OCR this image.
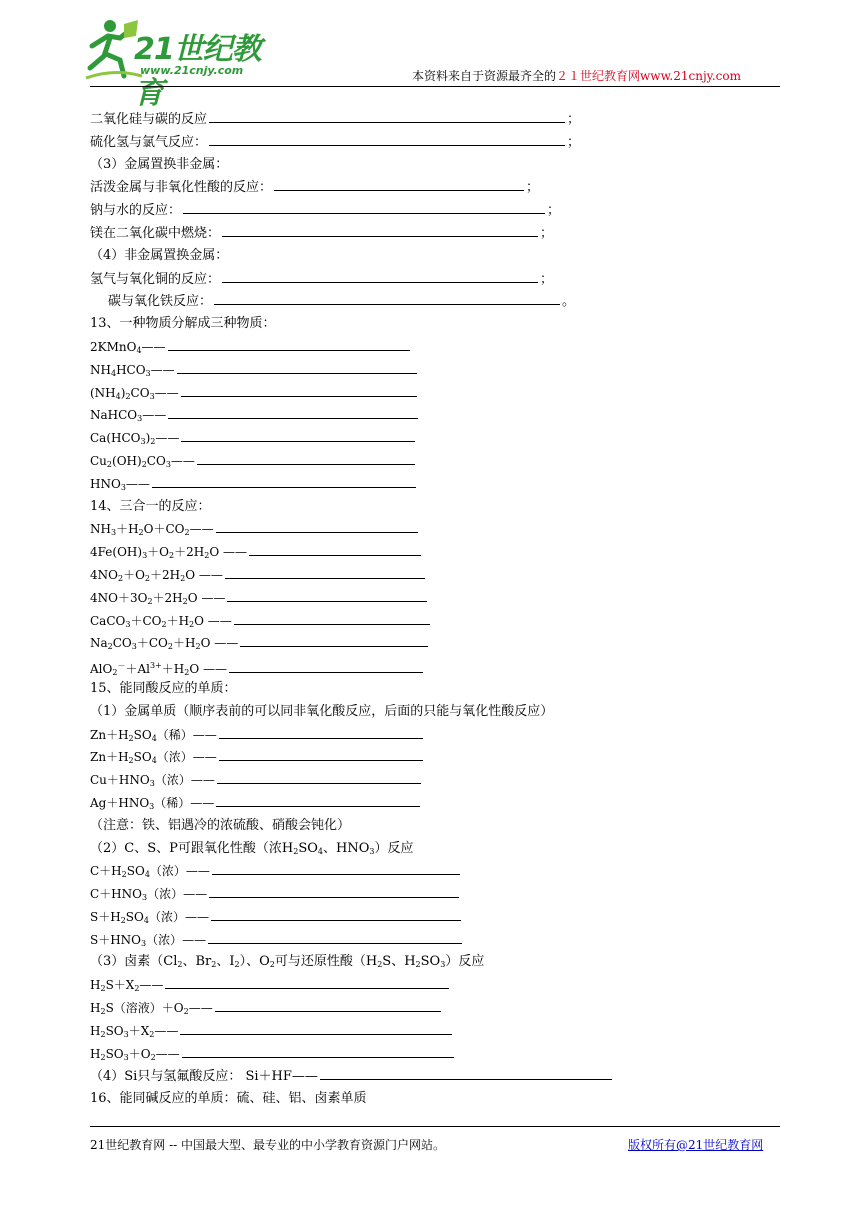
21世纪教育
www.21cnjy.com	本资料来自于资源最齐全的２１世纪教育网www.21cnjy.com
二氧化硅与碳的反应	；
硫化氢与氯气反应：	；
（3）金属置换非金属：
活泼金属与非氧化性酸的反应：	；
钠与水的反应：	；
镁在二氧化碳中燃烧：	；
（4）非金属置换金属：
氢气与氧化铜的反应：	；
碳与氧化铁反应：	。
13、一种物质分解成三种物质：
2KMnO$_4$——
$NH_4HCO_3——$
$(NH_4)_2CO_3——$
NaHCO$_3$——
$Ca(HCO_3)_2——$
$Cu_2(OH)_2CO_3——$
$HNO_3——$
14、三合一的反应：
$NH_3+H_2O+CO_2——$
$4Fe(OH)_3+O_2+2H_2O$ ——
$4NO_2+O_2+2H_2O$ ——
$4NO+3O_2+2H_2O$ ——
$CaCO_3+CO_2+H_2O$ ——
$Na_2CO_3+CO_2+H_2O$ ——
$AlO_2^-+Al^{3+}+H_2O$ ——
15、能同酸反应的单质：
（1）金属单质（顺序表前的可以同非氧化酸反应，后面的只能与氧化性酸反应）
$Zn+H_2SO_4$（稀）——
$Zn+H_2SO_4$（浓）——
$Cu+HNO_3$（浓）——
$Ag+HNO_3$（稀）——
（注意：铁、铝遇冷的浓硫酸、硝酸会钝化）
（2）C、S、P可跟氧化性酸（浓$H_2SO_4$、$HNO_3$）反应
$C+H_2SO_4$（浓）——
$C+HNO_3$（浓）——
$S+H_2SO_4$（浓）——
$S+HNO_3$（浓）——
（3）卤素（$Cl_2$、$Br_2$、$I_2$）、$O_2$可与还原性酸（$H_2S$、$H_2SO_3$）反应
$H_2S+X_2——$
$H_2S$（溶液）$+O_2——$
$H_2SO_3+X_2——$
$H_2SO_3+O_2——$
（4）Si只与氢氟酸反应： Si＋HF——
16、能同碱反应的单质：硫、硅、铝、卤素单质
21世纪教育网 -- 中国最大型、最专业的中小学教育资源门户网站。	版权所有@21世纪教育网
